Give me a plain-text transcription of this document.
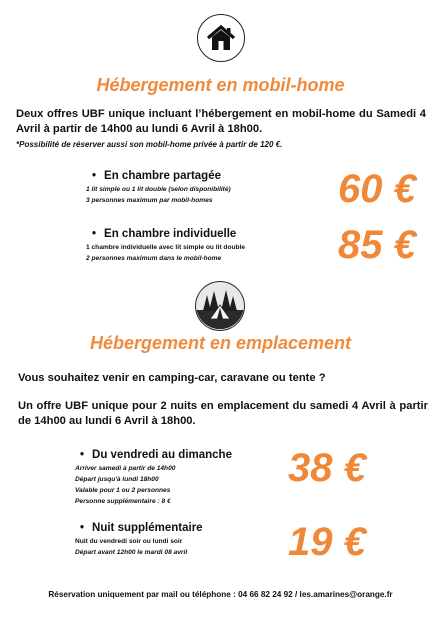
Hébergement en mobil-home
Deux offres UBF unique incluant l’hébergement en mobil-home du Samedi 4 Avril à partir de 14h00 au lundi 6 Avril à 18h00.
*Possibilité de réserver aussi son mobil-home privée à partir de 120 €.
• En chambre partagée
1 lit simple ou 1 lit double (selon disponibilité)
3 personnes maximum par mobil-homes	60 €
• En chambre individuelle
1 chambre individuelle avec lit simple ou lit double
2 personnes maximum dans le mobil-home	85 €
Hébergement en emplacement
Vous souhaitez venir en camping-car, caravane ou tente ?
Un offre UBF unique pour 2 nuits en emplacement du samedi 4 Avril à partir de 14h00 au lundi 6 Avril à 18h00.
• Du vendredi au dimanche
Arriver samedi à partir de 14h00
Départ jusqu'à lundi 18h00
Valable pour 1 ou 2 personnes
Personne supplémentaire : 8 €
38 €
• Nuit supplémentaire
Nuit du vendredi soir ou lundi soir
Départ avant 12h00 le mardi 08 avril	19 €
Réservation uniquement par mail ou téléphone : 04 66 82 24 92 / les.amarines@orange.fr
